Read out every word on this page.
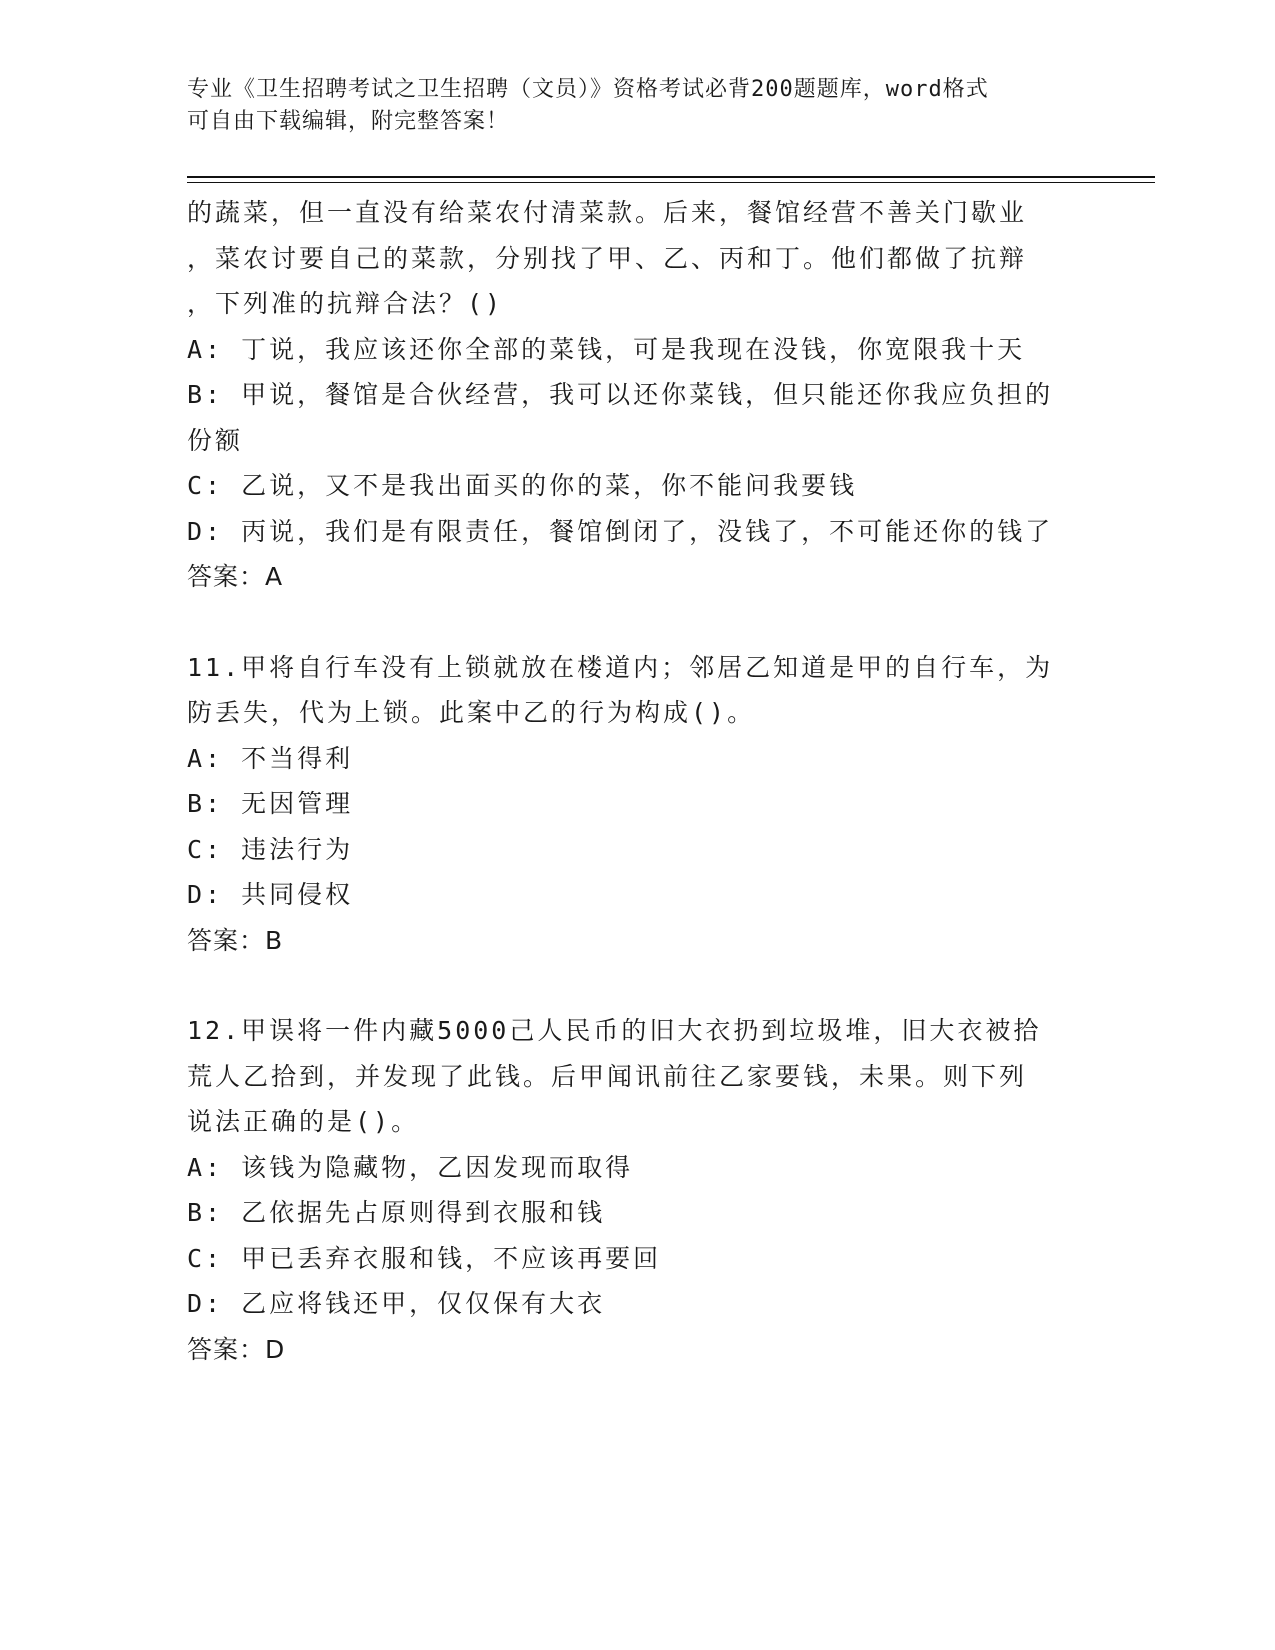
专业《卫生招聘考试之卫生招聘（文员）》资格考试必背200题题库，word格式
可自由下载编辑，附完整答案！
的蔬菜，但一直没有给菜农付清菜款。后来，餐馆经营不善关门歇业
，菜农讨要自己的菜款，分别找了甲、乙、丙和丁。他们都做了抗辩
，下列准的抗辩合法？()
A: 丁说，我应该还你全部的菜钱，可是我现在没钱，你宽限我十天
B: 甲说，餐馆是合伙经营，我可以还你菜钱，但只能还你我应负担的
份额
C: 乙说，又不是我出面买的你的菜，你不能问我要钱
D: 丙说，我们是有限责任，餐馆倒闭了，没钱了，不可能还你的钱了
答案：A
11.甲将自行车没有上锁就放在楼道内；邻居乙知道是甲的自行车，为
防丢失，代为上锁。此案中乙的行为构成()。
A: 不当得利
B: 无因管理
C: 违法行为
D: 共同侵权
答案：B
12.甲误将一件内藏5000己人民币的旧大衣扔到垃圾堆，旧大衣被拾
荒人乙拾到，并发现了此钱。后甲闻讯前往乙家要钱，未果。则下列
说法正确的是()。
A: 该钱为隐藏物，乙因发现而取得
B: 乙依据先占原则得到衣服和钱
C: 甲已丢弃衣服和钱，不应该再要回
D: 乙应将钱还甲，仅仅保有大衣
答案：D
